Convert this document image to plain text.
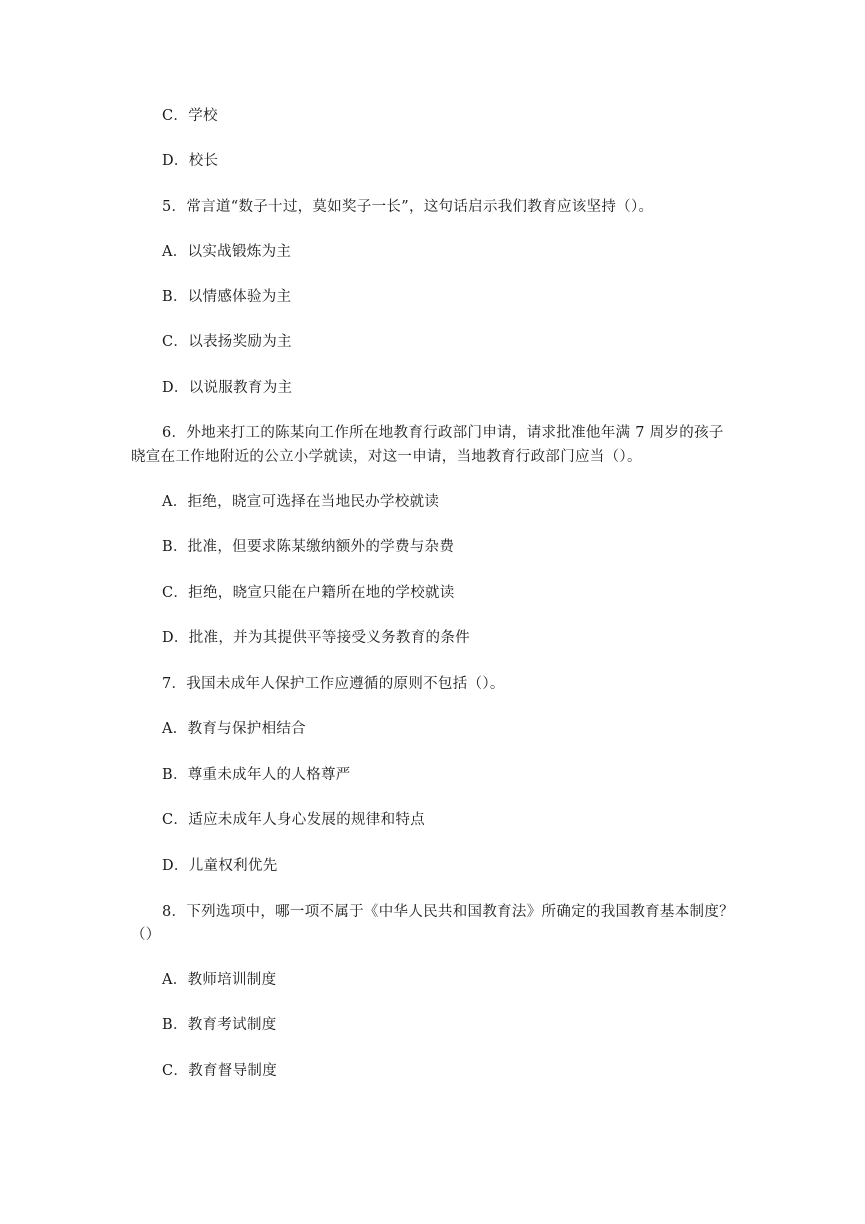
C．学校
D．校长
5．常言道“数子十过，莫如奖子一长”，这句话启示我们教育应该坚持（）。
A．以实战锻炼为主
B．以情感体验为主
C．以表扬奖励为主
D．以说服教育为主
6．外地来打工的陈某向工作所在地教育行政部门申请，请求批准他年满 7 周岁的孩子
晓宣在工作地附近的公立小学就读，对这一申请，当地教育行政部门应当（）。
A．拒绝，晓宣可选择在当地民办学校就读
B．批准，但要求陈某缴纳额外的学费与杂费
C．拒绝，晓宣只能在户籍所在地的学校就读
D．批准，并为其提供平等接受义务教育的条件
7．我国未成年人保护工作应遵循的原则不包括（）。
A．教育与保护相结合
B．尊重未成年人的人格尊严
C．适应未成年人身心发展的规律和特点
D．儿童权利优先
8．下列选项中，哪一项不属于《中华人民共和国教育法》所确定的我国教育基本制度？
（）
A．教师培训制度
B．教育考试制度
C．教育督导制度
